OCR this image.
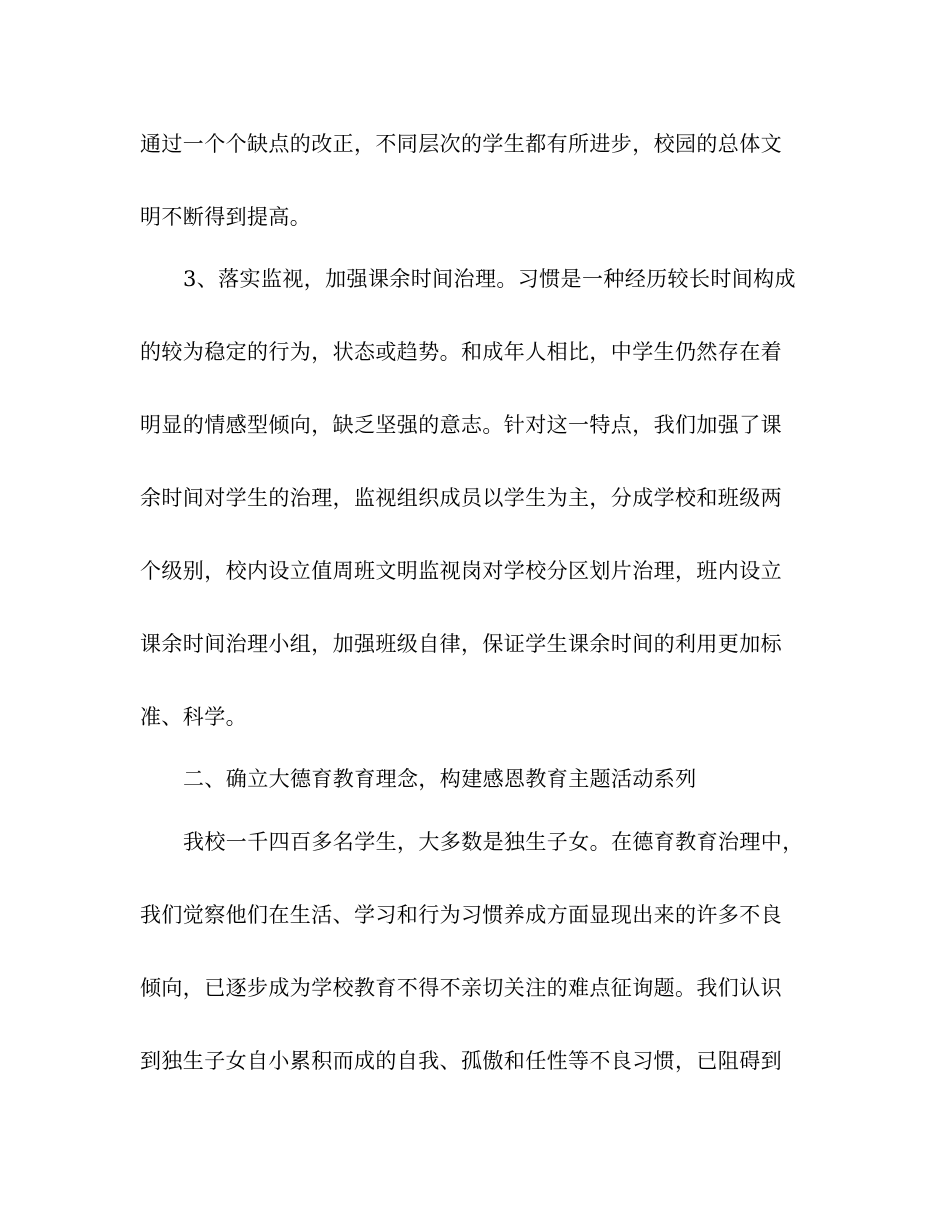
通过一个个缺点的改正，不同层次的学生都有所进步，校园的总体文
明不断得到提高。
3、落实监视，加强课余时间治理。习惯是一种经历较长时间构成
的较为稳定的行为，状态或趋势。和成年人相比，中学生仍然存在着
明显的情感型倾向，缺乏坚强的意志。针对这一特点，我们加强了课
余时间对学生的治理，监视组织成员以学生为主，分成学校和班级两
个级别，校内设立值周班文明监视岗对学校分区划片治理，班内设立
课余时间治理小组，加强班级自律，保证学生课余时间的利用更加标
准、科学。
二、确立大德育教育理念，构建感恩教育主题活动系列
我校一千四百多名学生，大多数是独生子女。在德育教育治理中，
我们觉察他们在生活、学习和行为习惯养成方面显现出来的许多不良
倾向，已逐步成为学校教育不得不亲切关注的难点征询题。我们认识
到独生子女自小累积而成的自我、孤傲和任性等不良习惯，已阻碍到
